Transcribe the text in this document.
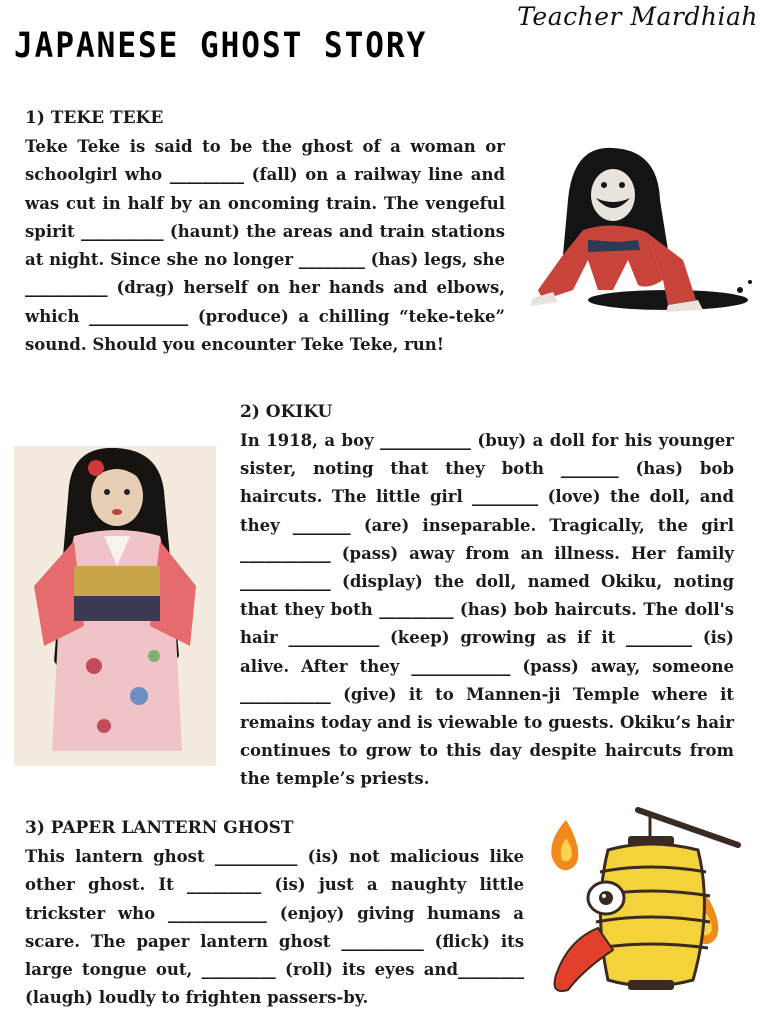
Teacher Mardhiah
JAPANESE GHOST STORY
1) TEKE TEKE

Teke Teke is said to be the ghost of a woman or schoolgirl who _________ (fall) on a railway line and was cut in half by an oncoming train. The vengeful spirit __________ (haunt) the areas and train stations at night. Since she no longer ________ (has) legs, she __________ (drag) herself on her hands and elbows, which ____________ (produce) a chilling “teke-teke” sound. Should you encounter Teke Teke, run!

2) OKIKU

In 1918, a boy ___________ (buy) a doll for his younger sister, noting that they both _______ (has) bob haircuts. The little girl ________ (love) the doll, and they _______ (are) inseparable. Tragically, the girl ___________ (pass) away from an illness. Her family ___________ (display) the doll, named Okiku, noting that they both _________ (has) bob haircuts. The doll's hair ___________ (keep) growing as if it ________ (is) alive. After they ____________ (pass) away, someone ___________ (give) it to Mannen-ji Temple where it remains today and is viewable to guests. Okiku’s hair continues to grow to this day despite haircuts from the temple’s priests.

3) PAPER LANTERN GHOST

This lantern ghost __________ (is) not malicious like other ghost. It _________ (is) just a naughty little trickster who ____________ (enjoy) giving humans a scare. The paper lantern ghost __________ (flick) its large tongue out, _________ (roll) its eyes and________ (laugh) loudly to frighten passers-by.
